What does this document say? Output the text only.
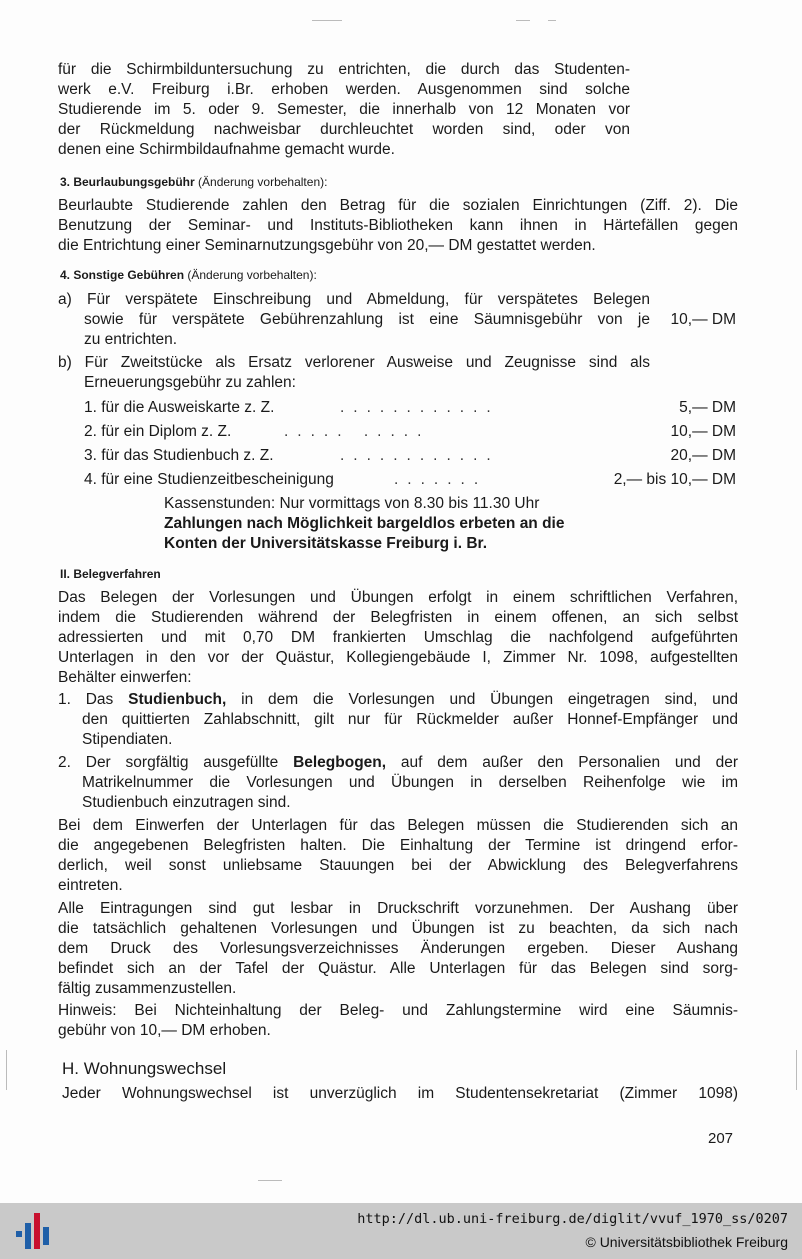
für die Schirmbilduntersuchung zu entrichten, die durch das Studenten-
werk e.V. Freiburg i.Br. erhoben werden. Ausgenommen sind solche
Studierende im 5. oder 9. Semester, die innerhalb von 12 Monaten vor
der Rückmeldung nachweisbar durchleuchtet worden sind, oder von
denen eine Schirmbildaufnahme gemacht wurde.
3. Beurlaubungsgebühr (Änderung vorbehalten):
Beurlaubte Studierende zahlen den Betrag für die sozialen Einrichtungen (Ziff. 2). Die
Benutzung der Seminar- und Instituts-Bibliotheken kann ihnen in Härtefällen gegen
die Entrichtung einer Seminarnutzungsgebühr von 20,— DM gestattet werden.
4. Sonstige Gebühren (Änderung vorbehalten):
a) Für verspätete Einschreibung und Abmeldung, für verspätetes Belegen
sowie für verspätete Gebührenzahlung ist eine Säumnisgebühr von je
zu entrichten.
10,— DM
b) Für Zweitstücke als Ersatz verlorener Ausweise und Zeugnisse sind als
Erneuerungsgebühr zu zahlen:
1. für die Ausweiskarte z. Z.	............	5,— DM
2. für ein Diplom z. Z.	..... .....	10,— DM
3. für das Studienbuch z. Z.	............	20,— DM
4. für eine Studienzeitbescheinigung	.......	2,— bis 10,— DM
Kassenstunden: Nur vormittags von 8.30 bis 11.30 Uhr
Zahlungen nach Möglichkeit bargeldlos erbeten an die
Konten der Universitätskasse Freiburg i. Br.
II. Belegverfahren
Das Belegen der Vorlesungen und Übungen erfolgt in einem schriftlichen Verfahren,
indem die Studierenden während der Belegfristen in einem offenen, an sich selbst
adressierten und mit 0,70 DM frankierten Umschlag die nachfolgend aufgeführten
Unterlagen in den vor der Quästur, Kollegiengebäude I, Zimmer Nr. 1098, aufgestellten
Behälter einwerfen:
1. Das Studienbuch, in dem die Vorlesungen und Übungen eingetragen sind, und
den quittierten Zahlabschnitt, gilt nur für Rückmelder außer Honnef-Empfänger und
Stipendiaten.
2. Der sorgfältig ausgefüllte Belegbogen, auf dem außer den Personalien und der
Matrikelnummer die Vorlesungen und Übungen in derselben Reihenfolge wie im
Studienbuch einzutragen sind.
Bei dem Einwerfen der Unterlagen für das Belegen müssen die Studierenden sich an
die angegebenen Belegfristen halten. Die Einhaltung der Termine ist dringend erfor-
derlich, weil sonst unliebsame Stauungen bei der Abwicklung des Belegverfahrens
eintreten.
Alle Eintragungen sind gut lesbar in Druckschrift vorzunehmen. Der Aushang über
die tatsächlich gehaltenen Vorlesungen und Übungen ist zu beachten, da sich nach
dem Druck des Vorlesungsverzeichnisses Änderungen ergeben. Dieser Aushang
befindet sich an der Tafel der Quästur. Alle Unterlagen für das Belegen sind sorg-
fältig zusammenzustellen.
Hinweis: Bei Nichteinhaltung der Beleg- und Zahlungstermine wird eine Säumnis-
gebühr von 10,— DM erhoben.
H. Wohnungswechsel
Jeder Wohnungswechsel ist unverzüglich im Studentensekretariat (Zimmer 1098)
207
http://dl.ub.uni-freiburg.de/diglit/vvuf_1970_ss/0207
© Universitätsbibliothek Freiburg
